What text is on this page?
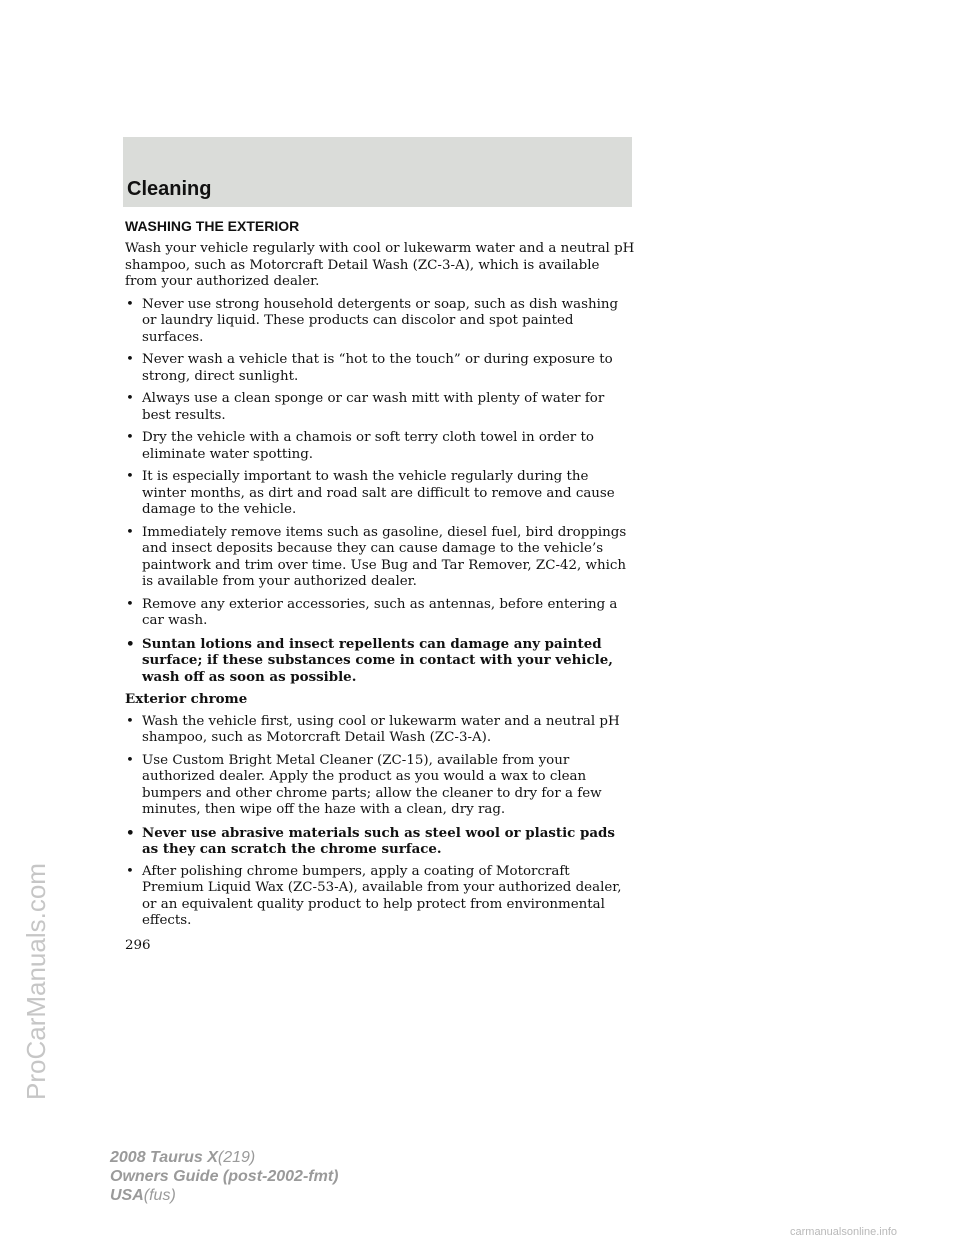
Cleaning
WASHING THE EXTERIOR

Wash your vehicle regularly with cool or lukewarm water and a neutral pH shampoo, such as Motorcraft Detail Wash (ZC-3-A), which is available from your authorized dealer.

• Never use strong household detergents or soap, such as dish washing or laundry liquid. These products can discolor and spot painted surfaces.
• Never wash a vehicle that is “hot to the touch” or during exposure to strong, direct sunlight.
• Always use a clean sponge or car wash mitt with plenty of water for best results.
• Dry the vehicle with a chamois or soft terry cloth towel in order to eliminate water spotting.
• It is especially important to wash the vehicle regularly during the winter months, as dirt and road salt are difficult to remove and cause damage to the vehicle.
• Immediately remove items such as gasoline, diesel fuel, bird droppings and insect deposits because they can cause damage to the vehicle’s paintwork and trim over time. Use Bug and Tar Remover, ZC-42, which is available from your authorized dealer.
• Remove any exterior accessories, such as antennas, before entering a car wash.
• Suntan lotions and insect repellents can damage any painted surface; if these substances come in contact with your vehicle, wash off as soon as possible.
Exterior chrome
• Wash the vehicle first, using cool or lukewarm water and a neutral pH shampoo, such as Motorcraft Detail Wash (ZC-3-A).
• Use Custom Bright Metal Cleaner (ZC-15), available from your authorized dealer. Apply the product as you would a wax to clean bumpers and other chrome parts; allow the cleaner to dry for a few minutes, then wipe off the haze with a clean, dry rag.
• Never use abrasive materials such as steel wool or plastic pads as they can scratch the chrome surface.
• After polishing chrome bumpers, apply a coating of Motorcraft Premium Liquid Wax (ZC-53-A), available from your authorized dealer, or an equivalent quality product to help protect from environmental effects.
296
2008 Taurus X(219)
Owners Guide (post-2002-fmt)
USA(fus)
ProCarManuals.com
carmanualsonline.info
